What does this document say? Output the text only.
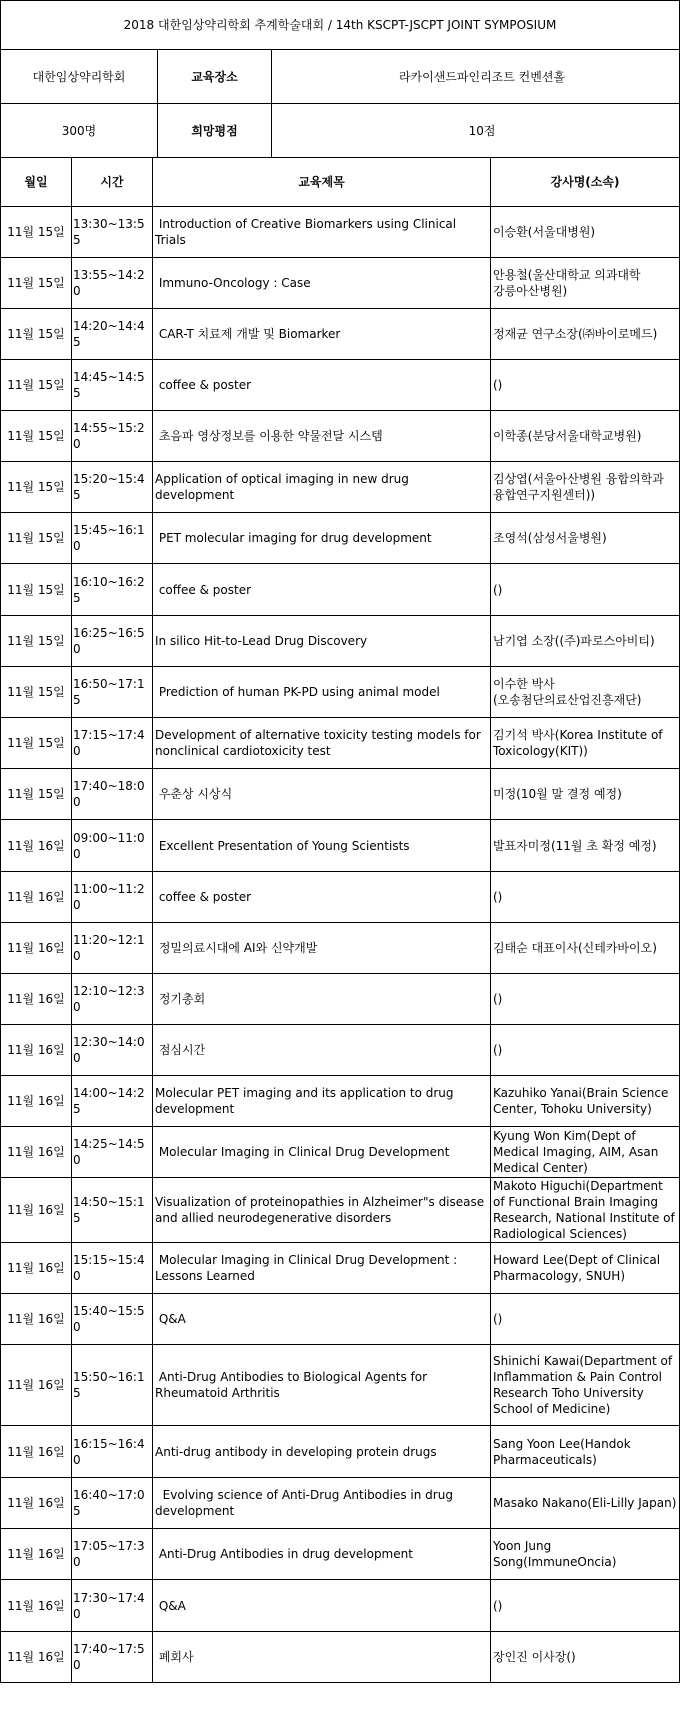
2018 대한임상약리학회 추계학술대회 / 14th KSCPT-JSCPT JOINT SYMPOSIUM

대한임상약리학회	교육장소	라카이샌드파인리조트 컨벤션홀

300명	희망평점	10점

월일	시간	교육제목	강사명(소속)
11월 15일	13:30~13:55	Introduction of Creative Biomarkers using Clinical Trials	이승환(서울대병원)
11월 15일	13:55~14:20	Immuno-Oncology : Case	안용철(울산대학교 의과대학 강릉아산병원)
11월 15일	14:20~14:45	CAR-T 치료제 개발 및 Biomarker	정재균 연구소장(㈜바이로메드)
11월 15일	14:45~14:55	coffee & poster	()
11월 15일	14:55~15:20	초음파 영상정보를 이용한 약물전달 시스템	이학종(분당서울대학교병원)
11월 15일	15:20~15:45	Application of optical imaging in new drug development	김상엽(서울아산병원 융합의학과 융합연구지원센터))
11월 15일	15:45~16:10	PET molecular imaging for drug development	조영석(삼성서울병원)
11월 15일	16:10~16:25	coffee & poster	()
11월 15일	16:25~16:50	In silico Hit-to-Lead Drug Discovery	남기엽 소장((주)파로스아비티)
11월 15일	16:50~17:15	Prediction of human PK-PD using animal model	이수한 박사(오송첨단의료산업진흥재단)
11월 15일	17:15~17:40	Development of alternative toxicity testing models for nonclinical cardiotoxicity test	김기석 박사(Korea Institute of Toxicology(KIT))
11월 15일	17:40~18:00	우춘상 시상식	미정(10월 말 결정 예정)
11월 16일	09:00~11:00	Excellent Presentation of Young Scientists	발표자미정(11월 초 확정 예정)
11월 16일	11:00~11:20	coffee & poster	()
11월 16일	11:20~12:10	정밀의료시대에 AI와 신약개발	김태순 대표이사(신테카바이오)
11월 16일	12:10~12:30	정기총회	()
11월 16일	12:30~14:00	점심시간	()
11월 16일	14:00~14:25	Molecular PET imaging and its application to drug development	Kazuhiko Yanai(Brain Science Center, Tohoku University)
11월 16일	14:25~14:50	Molecular Imaging in Clinical Drug Development	Kyung Won Kim(Dept of Medical Imaging, AIM, Asan Medical Center)
11월 16일	14:50~15:15	Visualization of proteinopathies in Alzheimer"s disease and allied neurodegenerative disorders	Makoto Higuchi(Department of Functional Brain Imaging Research, National Institute of Radiological Sciences)
11월 16일	15:15~15:40	Molecular Imaging in Clinical Drug Development : Lessons Learned	Howard Lee(Dept of Clinical Pharmacology, SNUH)
11월 16일	15:40~15:50	Q&A	()
11월 16일	15:50~16:15	Anti-Drug Antibodies to Biological Agents for Rheumatoid Arthritis	Shinichi Kawai(Department of Inflammation & Pain Control Research Toho University School of Medicine)
11월 16일	16:15~16:40	Anti-drug antibody in developing protein drugs	Sang Yoon Lee(Handok Pharmaceuticals)
11월 16일	16:40~17:05	Evolving science of Anti-Drug Antibodies in drug development	Masako Nakano(Eli-Lilly Japan)
11월 16일	17:05~17:30	Anti-Drug Antibodies in drug development	Yoon Jung Song(ImmuneOncia)
11월 16일	17:30~17:40	Q&A	()
11월 16일	17:40~17:50	폐회사	장인진 이사장()
